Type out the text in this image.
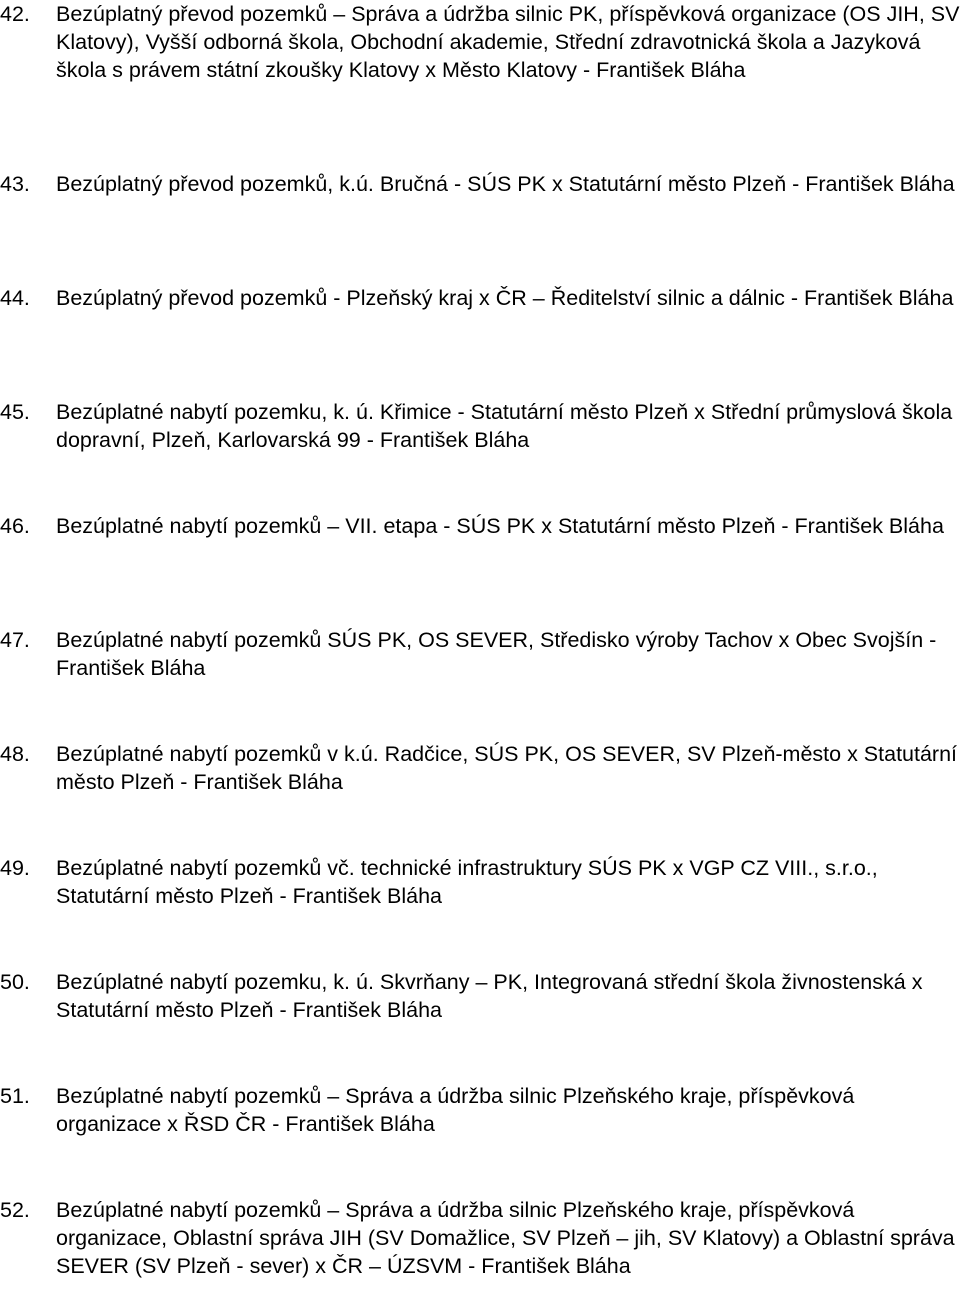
42.	Bezúplatný převod pozemků – Správa a údržba silnic PK, příspěvková organizace (OS JIH, SV Klatovy), Vyšší odborná škola, Obchodní akademie, Střední zdravotnická škola a Jazyková škola s právem státní zkoušky Klatovy x Město Klatovy - František Bláha
43.	Bezúplatný převod pozemků, k.ú. Bručná - SÚS PK x Statutární město Plzeň - František Bláha
44.	Bezúplatný převod pozemků - Plzeňský kraj x ČR – Ředitelství silnic a dálnic - František Bláha
45.	Bezúplatné nabytí pozemku, k. ú. Křimice - Statutární město Plzeň x Střední průmyslová škola dopravní, Plzeň, Karlovarská 99 - František Bláha
46.	Bezúplatné nabytí pozemků – VII. etapa - SÚS PK x Statutární město Plzeň - František Bláha
47.	Bezúplatné nabytí pozemků SÚS PK, OS SEVER, Středisko výroby Tachov x Obec Svojšín - František Bláha
48.	Bezúplatné nabytí pozemků v k.ú. Radčice, SÚS PK, OS SEVER, SV Plzeň-město x Statutární město Plzeň - František Bláha
49.	Bezúplatné nabytí pozemků vč. technické infrastruktury SÚS PK x VGP CZ VIII., s.r.o., Statutární město Plzeň - František Bláha
50.	Bezúplatné nabytí pozemku, k. ú. Skvrňany – PK, Integrovaná střední škola živnostenská x Statutární město Plzeň - František Bláha
51.	Bezúplatné nabytí pozemků – Správa a údržba silnic Plzeňského kraje, příspěvková organizace x ŘSD ČR - František Bláha
52.	Bezúplatné nabytí pozemků – Správa a údržba silnic Plzeňského kraje, příspěvková organizace, Oblastní správa JIH (SV Domažlice, SV Plzeň – jih, SV Klatovy) a Oblastní správa SEVER (SV Plzeň - sever) x ČR – ÚZSVM - František Bláha
